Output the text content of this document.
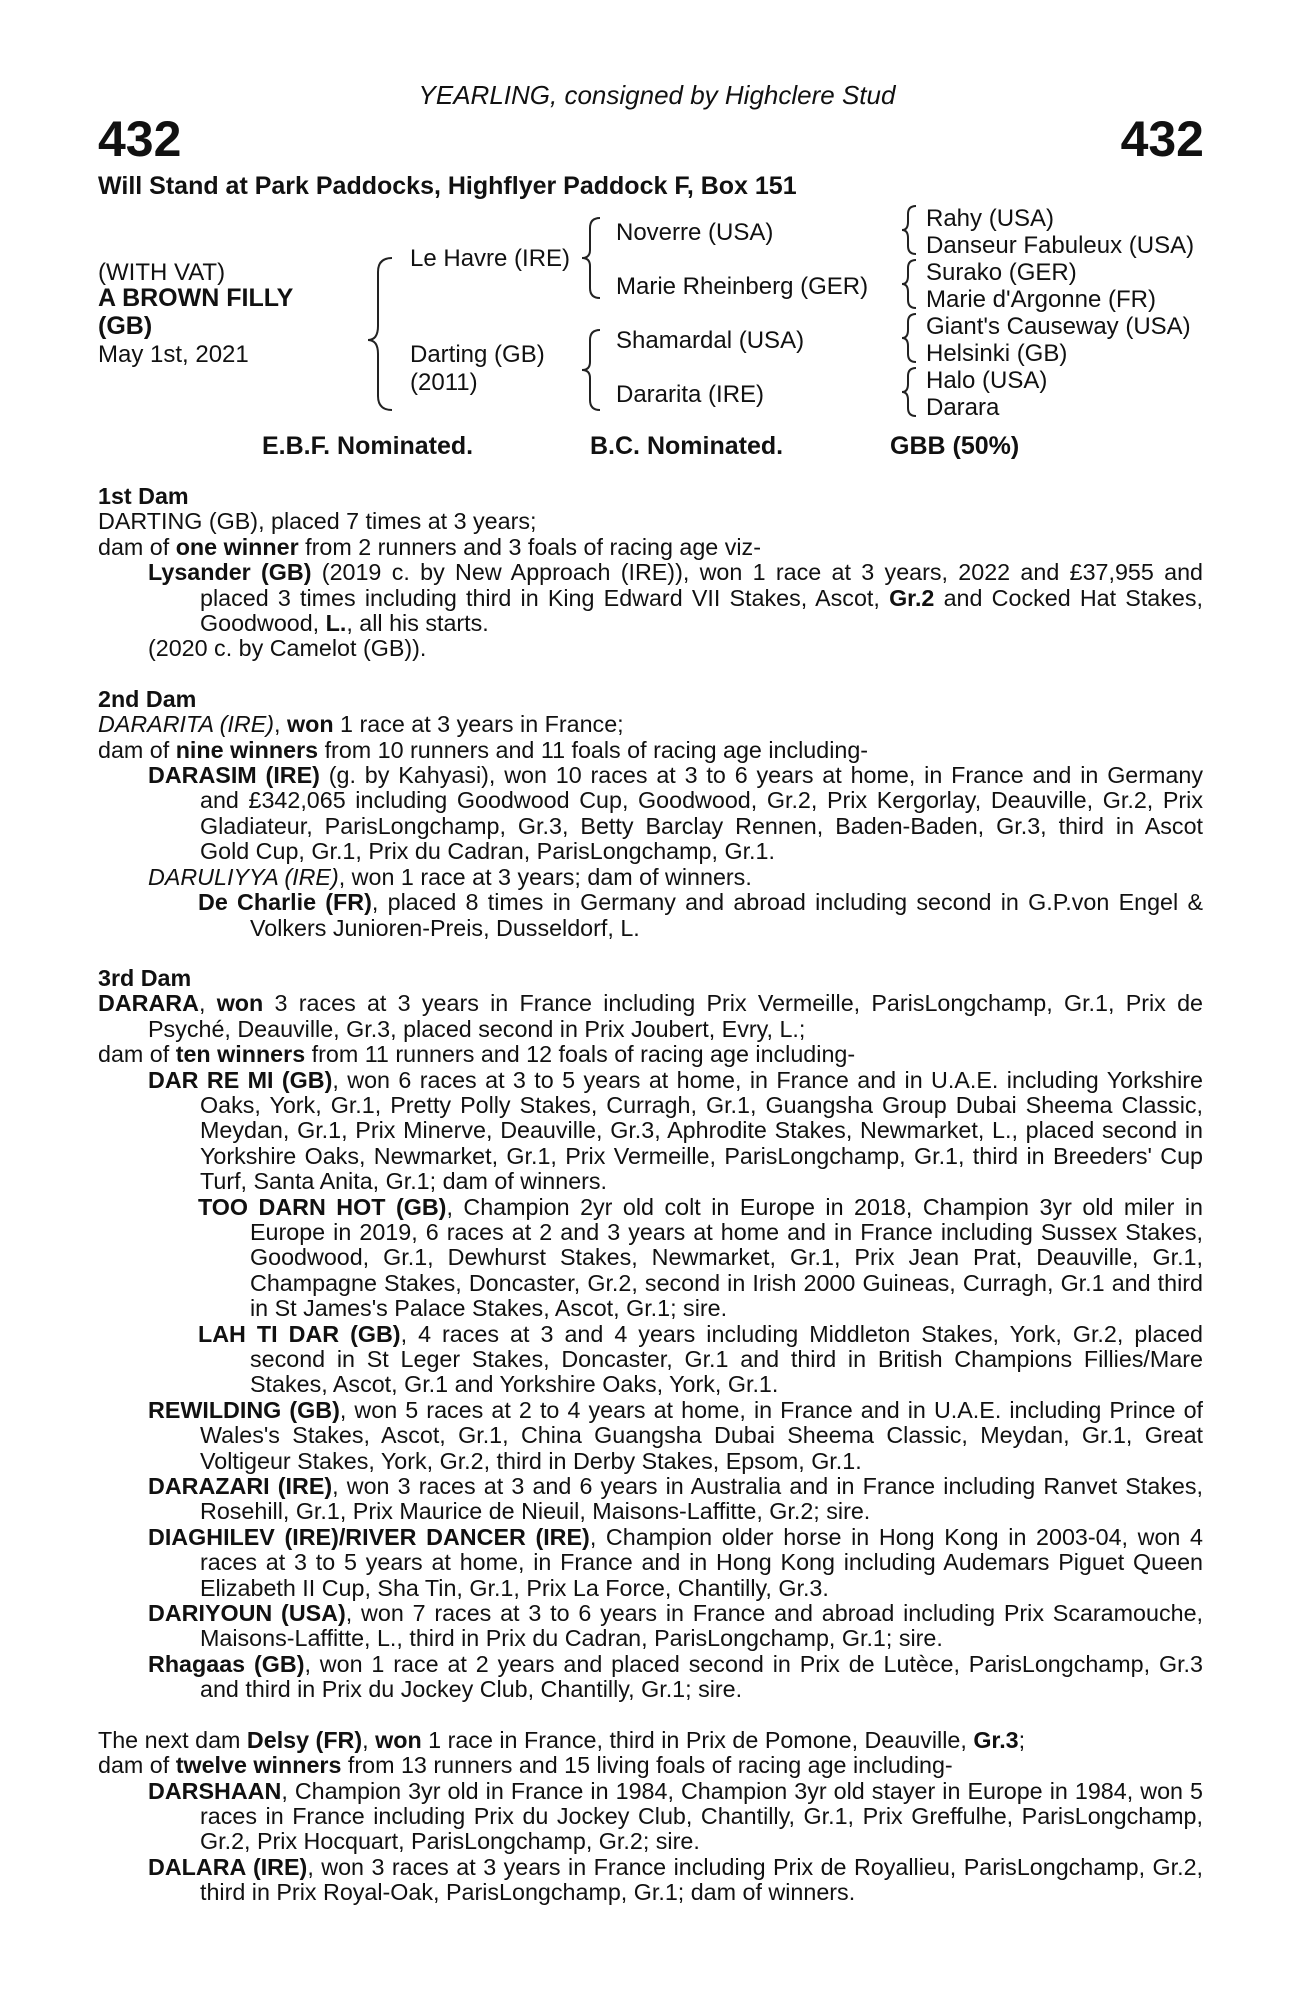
YEARLING, consigned by Highclere Stud
432	432
Will Stand at Park Paddocks, Highflyer Paddock F, Box 151
(WITH VAT)
A BROWN FILLY
(GB)
May 1st, 2021
Le Havre (IRE)
Darting (GB)
(2011)
Noverre (USA)
Marie Rheinberg (GER)
Shamardal (USA)
Dararita (IRE)
Rahy (USA)
Danseur Fabuleux (USA)
Surako (GER)
Marie d'Argonne (FR)
Giant's Causeway (USA)
Helsinki (GB)
Halo (USA)
Darara
E.B.F. Nominated.	B.C. Nominated.	GBB (50%)

1st Dam

DARTING (GB), placed 7 times at 3 years;

dam of one winner from 2 runners and 3 foals of racing age viz-

Lysander (GB) (2019 c. by New Approach (IRE)), won 1 race at 3 years, 2022 and £37,955 and placed 3 times including third in King Edward VII Stakes, Ascot, Gr.2 and Cocked Hat Stakes, Goodwood, L., all his starts.

(2020 c. by Camelot (GB)).

2nd Dam

DARARITA (IRE), won 1 race at 3 years in France;

dam of nine winners from 10 runners and 11 foals of racing age including-

DARASIM (IRE) (g. by Kahyasi), won 10 races at 3 to 6 years at home, in France and in Germany and £342,065 including Goodwood Cup, Goodwood, Gr.2, Prix Kergorlay, Deauville, Gr.2, Prix Gladiateur, ParisLongchamp, Gr.3, Betty Barclay Rennen, Baden-Baden, Gr.3, third in Ascot Gold Cup, Gr.1, Prix du Cadran, ParisLongchamp, Gr.1.

DARULIYYA (IRE), won 1 race at 3 years; dam of winners.

De Charlie (FR), placed 8 times in Germany and abroad including second in G.P.von Engel & Volkers Junioren-Preis, Dusseldorf, L.

3rd Dam

DARARA, won 3 races at 3 years in France including Prix Vermeille, ParisLongchamp, Gr.1, Prix de Psyché, Deauville, Gr.3, placed second in Prix Joubert, Evry, L.;

dam of ten winners from 11 runners and 12 foals of racing age including-

DAR RE MI (GB), won 6 races at 3 to 5 years at home, in France and in U.A.E. including Yorkshire Oaks, York, Gr.1, Pretty Polly Stakes, Curragh, Gr.1, Guangsha Group Dubai Sheema Classic, Meydan, Gr.1, Prix Minerve, Deauville, Gr.3, Aphrodite Stakes, Newmarket, L., placed second in Yorkshire Oaks, Newmarket, Gr.1, Prix Vermeille, ParisLongchamp, Gr.1, third in Breeders' Cup Turf, Santa Anita, Gr.1; dam of winners.

TOO DARN HOT (GB), Champion 2yr old colt in Europe in 2018, Champion 3yr old miler in Europe in 2019, 6 races at 2 and 3 years at home and in France including Sussex Stakes, Goodwood, Gr.1, Dewhurst Stakes, Newmarket, Gr.1, Prix Jean Prat, Deauville, Gr.1, Champagne Stakes, Doncaster, Gr.2, second in Irish 2000 Guineas, Curragh, Gr.1 and third in St James's Palace Stakes, Ascot, Gr.1; sire.

LAH TI DAR (GB), 4 races at 3 and 4 years including Middleton Stakes, York, Gr.2, placed second in St Leger Stakes, Doncaster, Gr.1 and third in British Champions Fillies/Mare Stakes, Ascot, Gr.1 and Yorkshire Oaks, York, Gr.1.

REWILDING (GB), won 5 races at 2 to 4 years at home, in France and in U.A.E. including Prince of Wales's Stakes, Ascot, Gr.1, China Guangsha Dubai Sheema Classic, Meydan, Gr.1, Great Voltigeur Stakes, York, Gr.2, third in Derby Stakes, Epsom, Gr.1.

DARAZARI (IRE), won 3 races at 3 and 6 years in Australia and in France including Ranvet Stakes, Rosehill, Gr.1, Prix Maurice de Nieuil, Maisons-Laffitte, Gr.2; sire.

DIAGHILEV (IRE)/RIVER DANCER (IRE), Champion older horse in Hong Kong in 2003-04, won 4 races at 3 to 5 years at home, in France and in Hong Kong including Audemars Piguet Queen Elizabeth II Cup, Sha Tin, Gr.1, Prix La Force, Chantilly, Gr.3.

DARIYOUN (USA), won 7 races at 3 to 6 years in France and abroad including Prix Scaramouche, Maisons-Laffitte, L., third in Prix du Cadran, ParisLongchamp, Gr.1; sire.

Rhagaas (GB), won 1 race at 2 years and placed second in Prix de Lutèce, ParisLongchamp, Gr.3 and third in Prix du Jockey Club, Chantilly, Gr.1; sire.

The next dam Delsy (FR), won 1 race in France, third in Prix de Pomone, Deauville, Gr.3;

dam of twelve winners from 13 runners and 15 living foals of racing age including-

DARSHAAN, Champion 3yr old in France in 1984, Champion 3yr old stayer in Europe in 1984, won 5 races in France including Prix du Jockey Club, Chantilly, Gr.1, Prix Greffulhe, ParisLongchamp, Gr.2, Prix Hocquart, ParisLongchamp, Gr.2; sire.

DALARA (IRE), won 3 races at 3 years in France including Prix de Royallieu, ParisLongchamp, Gr.2, third in Prix Royal-Oak, ParisLongchamp, Gr.1; dam of winners.
